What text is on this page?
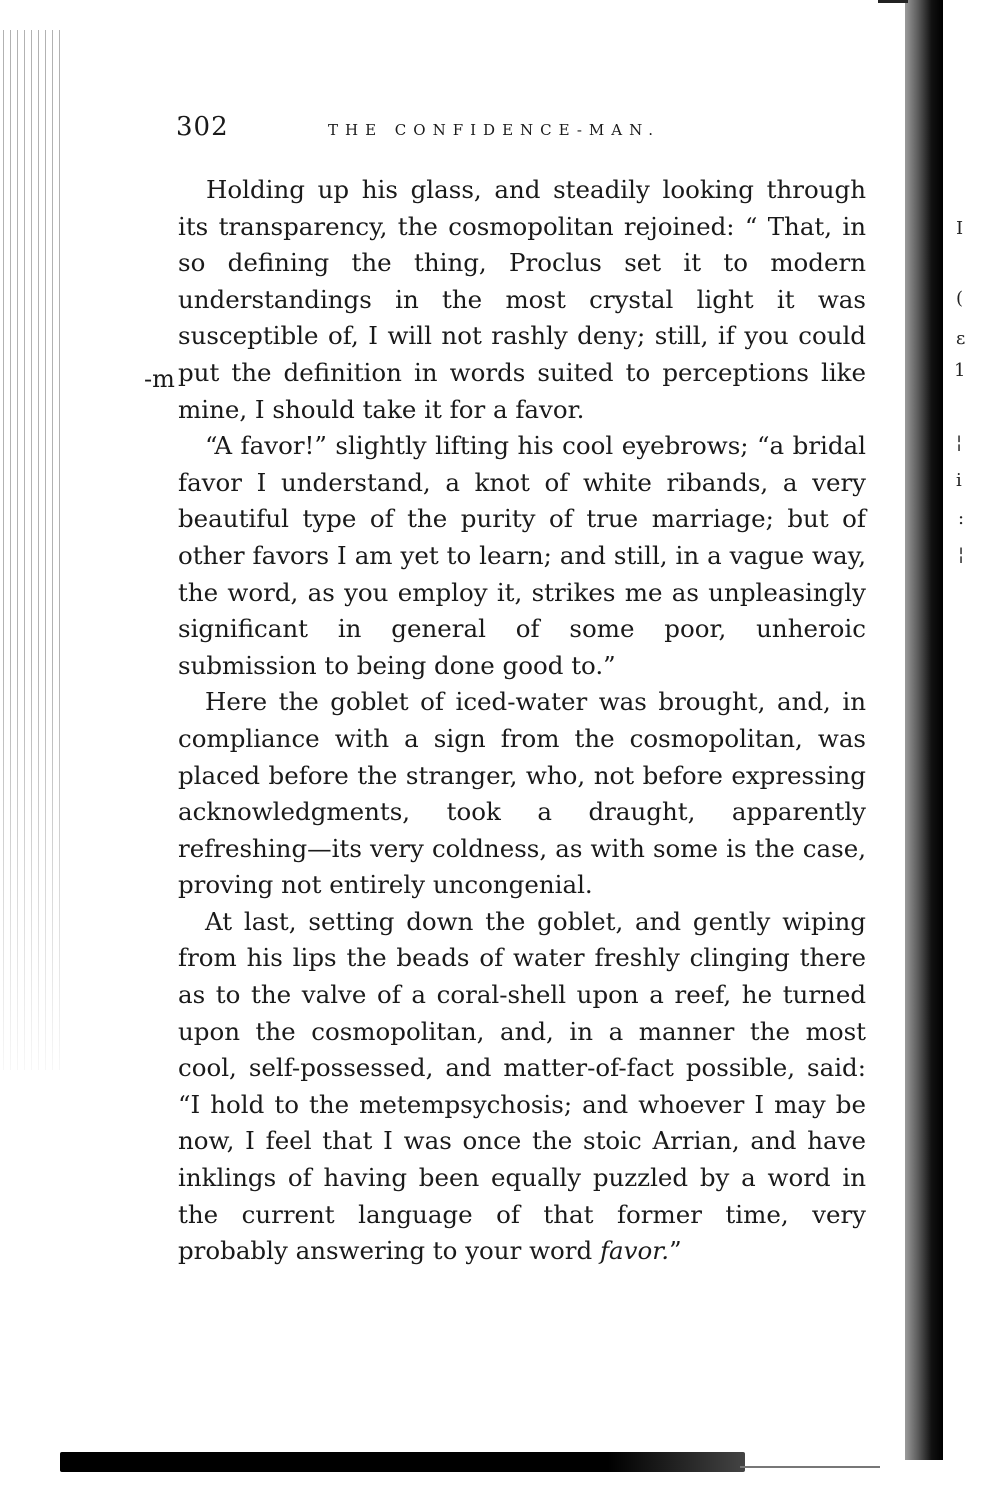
302	THE CONFIDENCE-MAN.
-m

Holding up his glass, and steadily looking through its transparency, the cosmopolitan rejoined: “ That, in so defining the thing, Proclus set it to modern understandings in the most crystal light it was susceptible of, I will not rashly deny; still, if you could put the definition in words suited to perceptions like mine, I should take it for a favor.

“A favor!” slightly lifting his cool eyebrows; “a bridal favor I understand, a knot of white ribands, a very beautiful type of the purity of true marriage; but of other favors I am yet to learn; and still, in a vague way, the word, as you employ it, strikes me as unpleasingly significant in general of some poor, unheroic submission to being done good to.”

Here the goblet of iced-water was brought, and, in compliance with a sign from the cosmopolitan, was placed before the stranger, who, not before expressing acknowledgments, took a draught, apparently refreshing—its very coldness, as with some is the case, proving not entirely uncongenial.

At last, setting down the goblet, and gently wiping from his lips the beads of water freshly clinging there as to the valve of a coral-shell upon a reef, he turned upon the cosmopolitan, and, in a manner the most cool, self-possessed, and matter-of-fact possible, said: “I hold to the metempsychosis; and whoever I may be now, I feel that I was once the stoic Arrian, and have inklings of having been equally puzzled by a word in the current language of that former time, very probably answering to your word favor.”

I
(
ɛ
1
¦
i
:
¦
